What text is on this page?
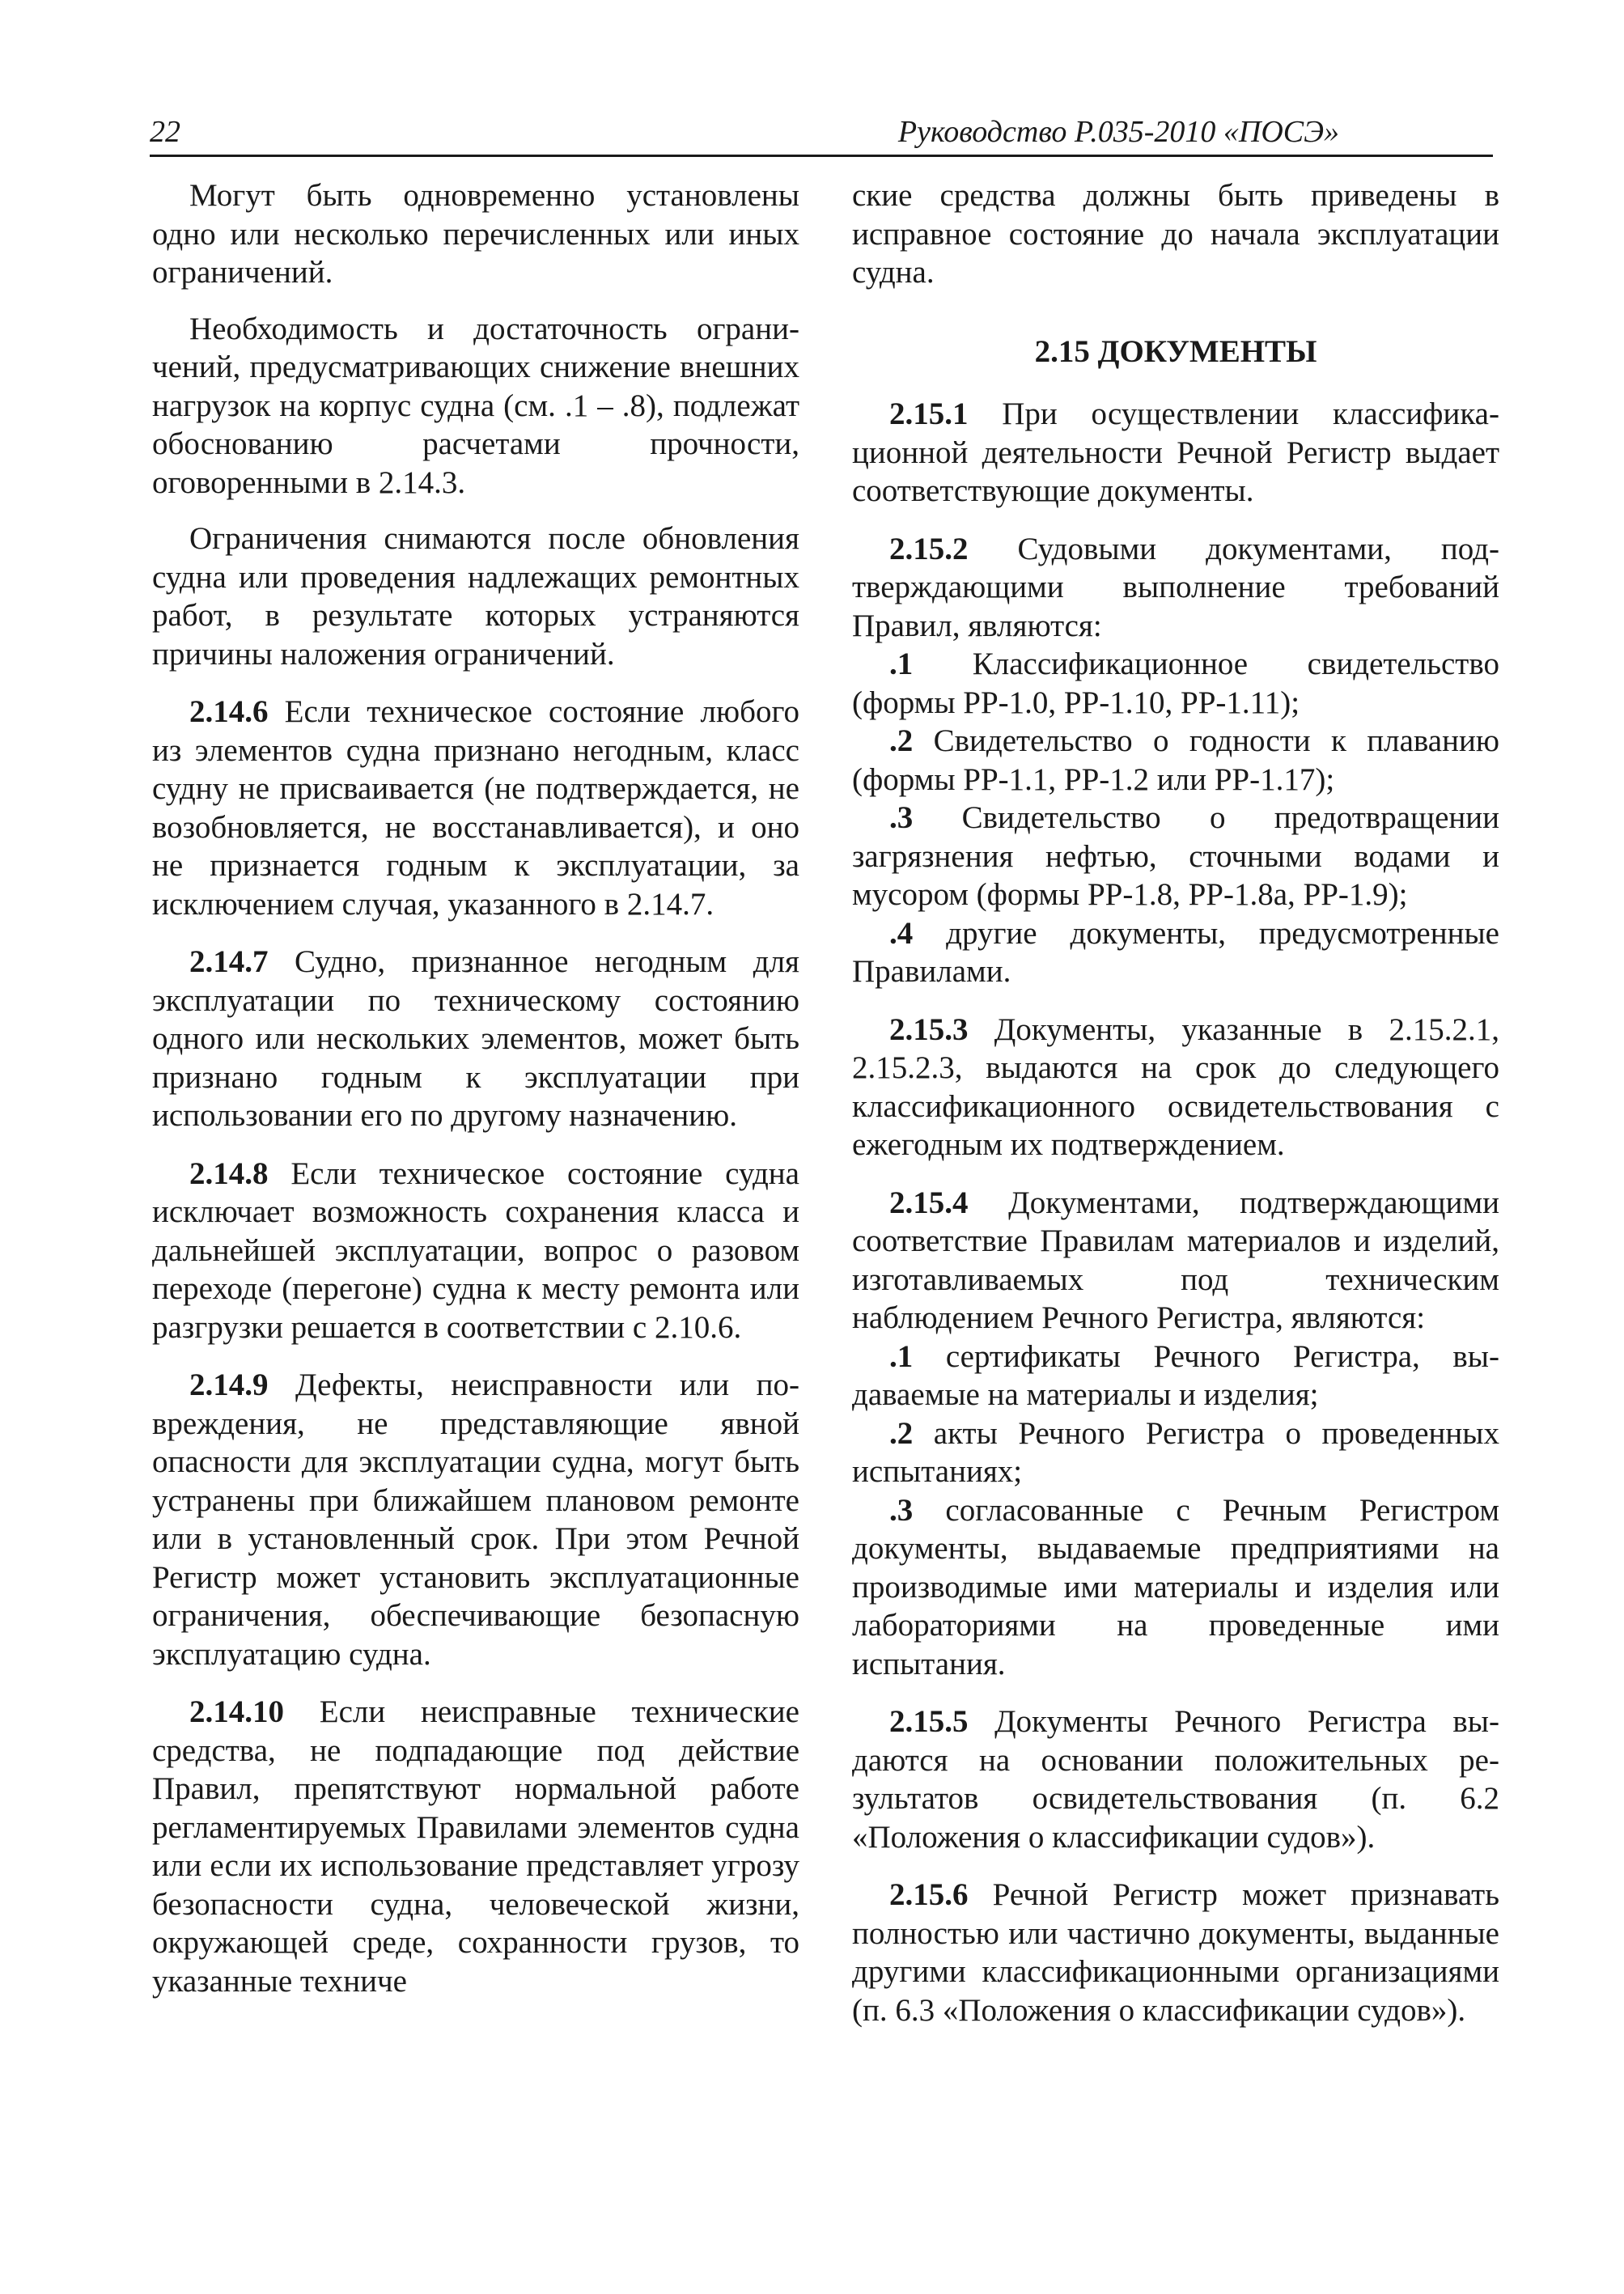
22	Руководство Р.035-2010 «ПОСЭ»

Могут быть одновременно установлены одно или несколько перечисленных или иных ограничений.

Необходимость и достаточность ограничений, предусматривающих снижение внешних нагрузок на корпус судна (см. .1 – .8), подлежат обоснованию расчетами прочности, оговоренными в 2.14.3.

Ограничения снимаются после обновления судна или проведения надлежащих ремонтных работ, в результате которых устраняются причины наложения ограничений.

2.14.6 Если техническое состояние любого из элементов судна признано негодным, класс судну не присваивается (не подтверждается, не возобновляется, не восстанавливается), и оно не признается годным к эксплуатации, за исключением случая, указанного в 2.14.7.

2.14.7 Судно, признанное негодным для эксплуатации по техническому состоянию одного или нескольких элементов, может быть признано годным к эксплуатации при использовании его по другому назначению.

2.14.8 Если техническое состояние судна исключает возможность сохранения класса и дальнейшей эксплуатации, вопрос о разовом переходе (перегоне) судна к месту ремонта или разгрузки решается в соответствии с 2.10.6.

2.14.9 Дефекты, неисправности или повреждения, не представляющие явной опасности для эксплуатации судна, могут быть устранены при ближайшем плановом ремонте или в установленный срок. При этом Речной Регистр может установить эксплуатационные ограничения, обеспечивающие безопасную эксплуатацию судна.

2.14.10 Если неисправные технические средства, не подпадающие под действие Правил, препятствуют нормальной работе регламентируемых Правилами элементов судна или если их использование представляет угрозу безопасности судна, человеческой жизни, окружающей среде, сохранности грузов, то указанные техниче

ские средства должны быть приведены в исправное состояние до начала эксплуатации судна.

2.15 ДОКУМЕНТЫ

2.15.1 При осуществлении классификационной деятельности Речной Регистр выдает соответствующие документы.

2.15.2 Судовыми документами, подтверждающими выполнение требований Правил, являются:

.1 Классификационное свидетельство (формы РР-1.0, РР-1.10, РР-1.11);

.2 Свидетельство о годности к плаванию (формы РР-1.1, РР-1.2 или РР-1.17);

.3 Свидетельство о предотвращении загрязнения нефтью, сточными водами и мусором (формы РР-1.8, РР-1.8а, РР-1.9);

.4 другие документы, предусмотренные Правилами.

2.15.3 Документы, указанные в 2.15.2.1, 2.15.2.3, выдаются на срок до следующего классификационного освидетельствования с ежегодным их подтверждением.

2.15.4 Документами, подтверждающими соответствие Правилам материалов и изделий, изготавливаемых под техническим наблюдением Речного Регистра, являются:

.1 сертификаты Речного Регистра, выдаваемые на материалы и изделия;

.2 акты Речного Регистра о проведенных испытаниях;

.3 согласованные с Речным Регистром документы, выдаваемые предприятиями на производимые ими материалы и изделия или лабораториями на проведенные ими испытания.

2.15.5 Документы Речного Регистра выдаются на основании положительных результатов освидетельствования (п. 6.2 «Положения о классификации судов»).

2.15.6 Речной Регистр может признавать полностью или частично документы, выданные другими классификационными организациями (п. 6.3 «Положения о классификации судов»).
